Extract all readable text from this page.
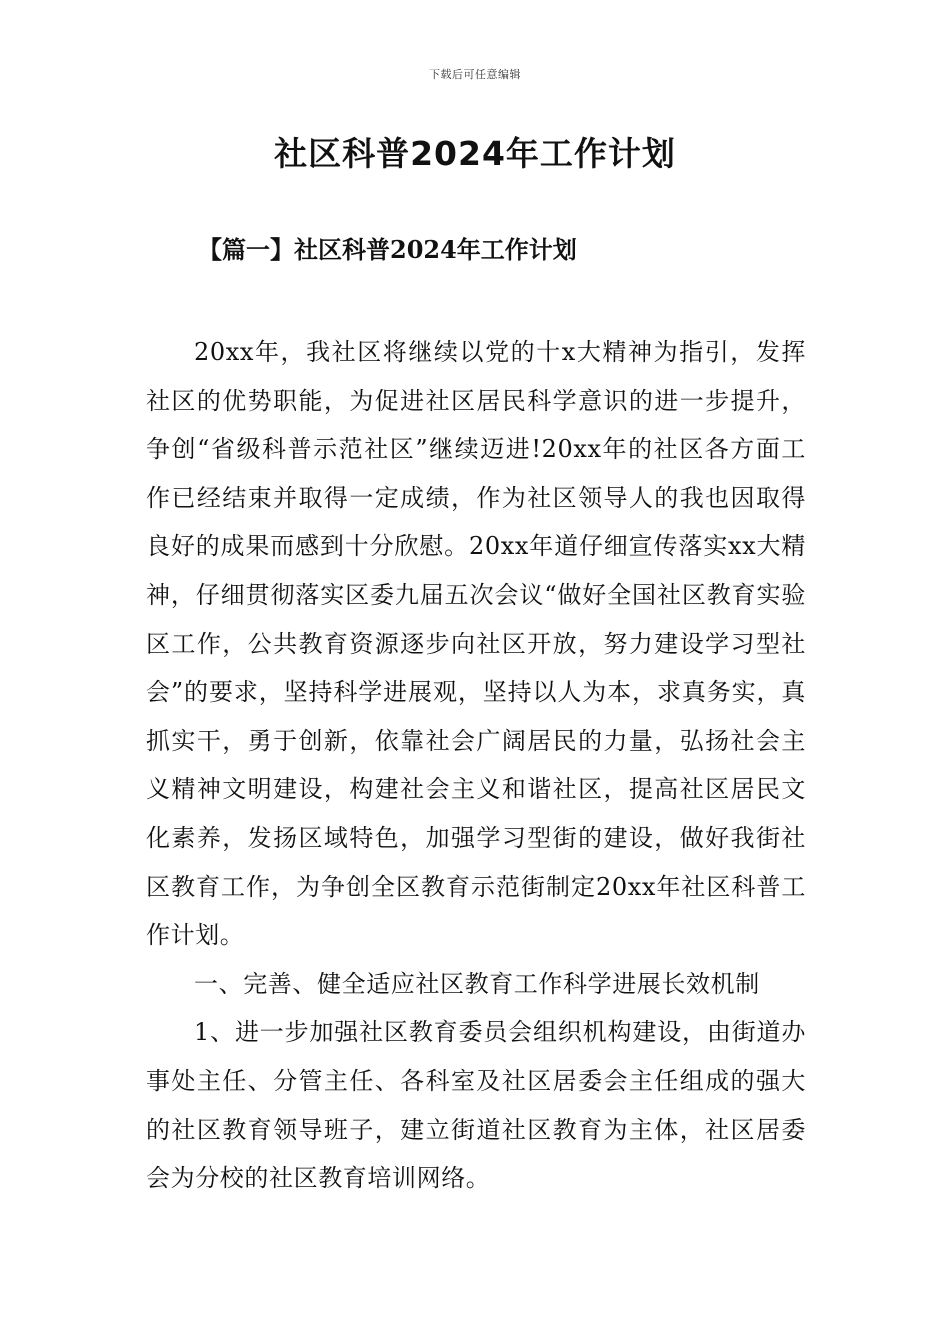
下载后可任意编辑
社区科普2024年工作计划
【篇一】社区科普2024年工作计划

20xx年，我社区将继续以党的十x大精神为指引，发挥社区的优势职能，为促进社区居民科学意识的进一步提升，争创“省级科普示范社区”继续迈进!20xx年的社区各方面工作已经结束并取得一定成绩，作为社区领导人的我也因取得良好的成果而感到十分欣慰。20xx年道仔细宣传落实xx大精神，仔细贯彻落实区委九届五次会议“做好全国社区教育实验区工作，公共教育资源逐步向社区开放，努力建设学习型社会”的要求，坚持科学进展观，坚持以人为本，求真务实，真抓实干，勇于创新，依靠社会广阔居民的力量，弘扬社会主义精神文明建设，构建社会主义和谐社区，提高社区居民文化素养，发扬区域特色，加强学习型街的建设，做好我街社区教育工作，为争创全区教育示范街制定20xx年社区科普工作计划。

一、完善、健全适应社区教育工作科学进展长效机制

1、进一步加强社区教育委员会组织机构建设，由街道办事处主任、分管主任、各科室及社区居委会主任组成的强大的社区教育领导班子，建立街道社区教育为主体，社区居委会为分校的社区教育培训网络。
